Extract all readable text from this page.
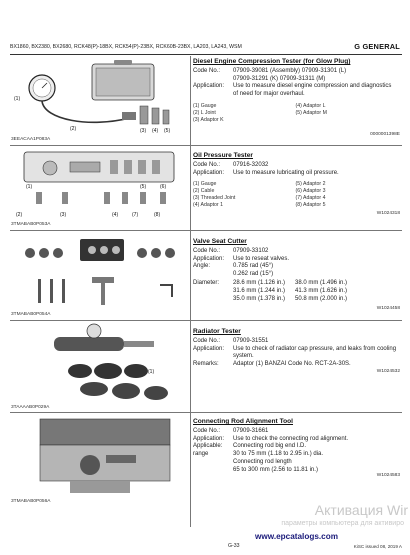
BX1860, BX2380, BX2680, RCK48(P)-18BX, RCK54(P)-23BX, RCK60B-23BX, LA203, LA243, WSM	G GENERAL
(1)
(2)	(3) (4) (5)
3EEACAA1P083A
Diesel Engine Compression Tester (for Glow Plug)
Code No.:	07909-39081 (Assembly) 07909-31301 (L)
07909-31291 (K) 07909-31311 (M)
Application:	Use to measure diesel engine compression and diagnostics of need for major overhaul.
(1) Gauge	(4) Adaptor L
(2) L Joint	(5) Adaptor M
(3) Adaptor K
0000001398E
(1)
(2)	(3)	(4)
(5)	(6)
(7)	(8)
3TMABAB0P053A
Oil Pressure Tester
Code No.:	07916-32032
Application:	Use to measure lubricating oil pressure.
(1) Gauge	(5) Adaptor 2
(2) Cable	(6) Adaptor 3
(3) Threaded Joint	(7) Adaptor 4
(4) Adaptor 1	(8) Adaptor 5
W1024318
3TMABAB0P054A
Valve Seat Cutter
Code No.:	07909-33102
Application:	Use to reseat valves.
Angle:	0.785 rad (45°)
0.262 rad (15°)
Diameter:	28.6 mm (1.126 in.)	38.0 mm (1.496 in.)
31.6 mm (1.244 in.)	41.3 mm (1.626 in.)
35.0 mm (1.378 in.)	50.8 mm (2.000 in.)
W1024458
(1)
3TAAAAB0P029A
Radiator Tester
Code No.:	07909-31551
Application:	Use to check of radiator cap pressure, and leaks from cooling system.
Remarks:	Adaptor (1) BANZAI Code No. RCT-2A-30S.
W1024532
3TMABAB0P056A
Connecting Rod Alignment Tool
Code No.:	07909-31661
Application:	Use to check the connecting rod alignment.
Applicable:	Connecting rod big end I.D.
range	30 to 75 mm (1.18 to 2.95 in.) dia.
Connecting rod length
65 to 300 mm (2.56 to 11.81 in.)
W1024583
Активация Wir
параметры компьютера для активиро
www.epcatalogs.com
G-33	KiSC issued 08, 2019 A
